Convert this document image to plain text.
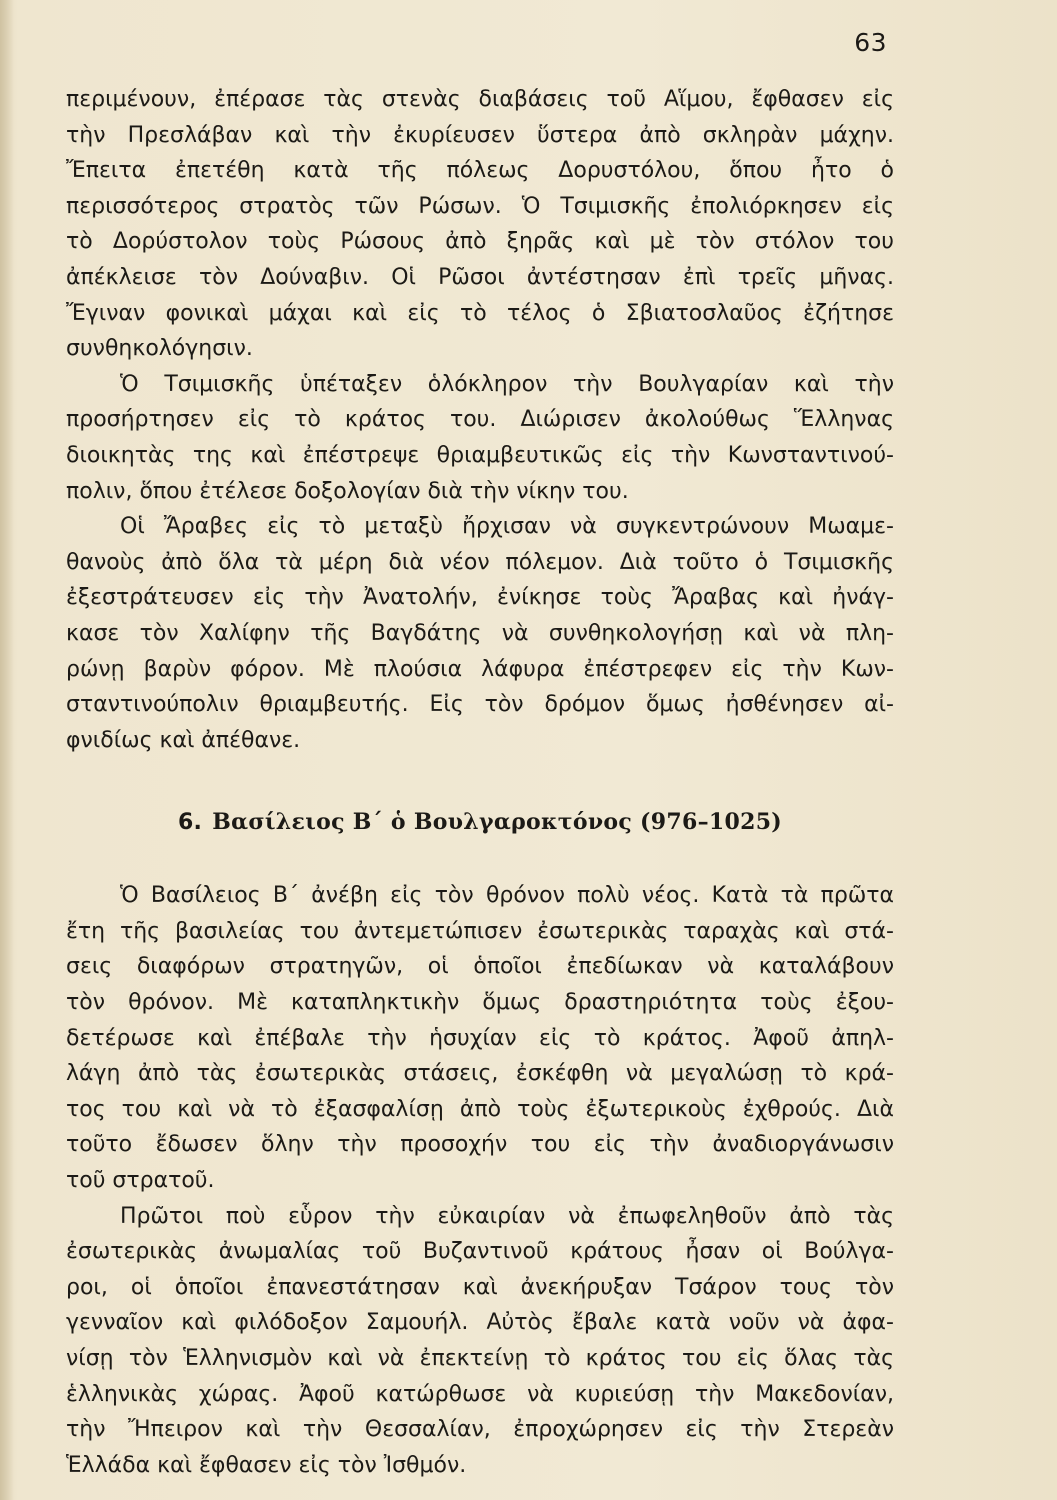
63
περιμένουν, ἐπέρασε τὰς στενὰς διαβάσεις τοῦ Αἵμου, ἔφθασεν εἰς
τὴν Πρεσλάβαν καὶ τὴν ἐκυρίευσεν ὕστερα ἀπὸ σκληρὰν μάχην.
Ἔπειτα ἐπετέθη κατὰ τῆς πόλεως Δορυστόλου, ὅπου ἦτο ὁ
περισσότερος στρατὸς τῶν Ρώσων. Ὁ Τσιμισκῆς ἐπολιόρκησεν εἰς
τὸ Δορύστολον τοὺς Ρώσους ἀπὸ ξηρᾶς καὶ μὲ τὸν στόλον του
ἀπέκλεισε τὸν Δούναβιν. Οἱ Ρῶσοι ἀντέστησαν ἐπὶ τρεῖς μῆνας.
Ἔγιναν φονικαὶ μάχαι καὶ εἰς τὸ τέλος ὁ Σβιατοσλαῦος ἐζήτησε
συνθηκολόγησιν.
Ὁ Τσιμισκῆς ὑπέταξεν ὁλόκληρον τὴν Βουλγαρίαν καὶ τὴν
προσήρτησεν εἰς τὸ κράτος του. Διώρισεν ἀκολούθως Ἕλληνας
διοικητὰς της καὶ ἐπέστρεψε θριαμβευτικῶς εἰς τὴν Κωνσταντινού-
πολιν, ὅπου ἐτέλεσε δοξολογίαν διὰ τὴν νίκην του.
Οἱ Ἄραβες εἰς τὸ μεταξὺ ἤρχισαν νὰ συγκεντρώνουν Μωαμε-
θανοὺς ἀπὸ ὅλα τὰ μέρη διὰ νέον πόλεμον. Διὰ τοῦτο ὁ Τσιμισκῆς
ἐξεστράτευσεν εἰς τὴν Ἀνατολήν, ἐνίκησε τοὺς Ἄραβας καὶ ἠνάγ-
κασε τὸν Χαλίφην τῆς Βαγδάτης νὰ συνθηκολογήσῃ καὶ νὰ πλη-
ρώνῃ βαρὺν φόρον. Μὲ πλούσια λάφυρα ἐπέστρεφεν εἰς τὴν Κων-
σταντινούπολιν θριαμβευτής. Εἰς τὸν δρόμον ὅμως ἠσθένησεν αἰ-
φνιδίως καὶ ἀπέθανε.
6. Βασίλειος Β΄ ὁ Βουλγαροκτόνος (976–1025)
Ὁ Βασίλειος Β΄ ἀνέβη εἰς τὸν θρόνον πολὺ νέος. Κατὰ τὰ πρῶτα
ἔτη τῆς βασιλείας του ἀντεμετώπισεν ἐσωτερικὰς ταραχὰς καὶ στά-
σεις διαφόρων στρατηγῶν, οἱ ὁποῖοι ἐπεδίωκαν νὰ καταλάβουν
τὸν θρόνον. Μὲ καταπληκτικὴν ὅμως δραστηριότητα τοὺς ἐξου-
δετέρωσε καὶ ἐπέβαλε τὴν ἡσυχίαν εἰς τὸ κράτος. Ἀφοῦ ἀπηλ-
λάγη ἀπὸ τὰς ἐσωτερικὰς στάσεις, ἐσκέφθη νὰ μεγαλώσῃ τὸ κρά-
τος του καὶ νὰ τὸ ἐξασφαλίσῃ ἀπὸ τοὺς ἐξωτερικοὺς ἐχθρούς. Διὰ
τοῦτο ἔδωσεν ὅλην τὴν προσοχήν του εἰς τὴν ἀναδιοργάνωσιν
τοῦ στρατοῦ.
Πρῶτοι ποὺ εὗρον τὴν εὐκαιρίαν νὰ ἐπωφεληθοῦν ἀπὸ τὰς
ἐσωτερικὰς ἀνωμαλίας τοῦ Βυζαντινοῦ κράτους ἦσαν οἱ Βούλγα-
ροι, οἱ ὁποῖοι ἐπανεστάτησαν καὶ ἀνεκήρυξαν Τσάρον τους τὸν
γενναῖον καὶ φιλόδοξον Σαμουήλ. Αὐτὸς ἔβαλε κατὰ νοῦν νὰ ἀφα-
νίσῃ τὸν Ἑλληνισμὸν καὶ νὰ ἐπεκτείνῃ τὸ κράτος του εἰς ὅλας τὰς
ἑλληνικὰς χώρας. Ἀφοῦ κατώρθωσε νὰ κυριεύσῃ τὴν Μακεδονίαν,
τὴν Ἤπειρον καὶ τὴν Θεσσαλίαν, ἐπροχώρησεν εἰς τὴν Στερεὰν
Ἑλλάδα καὶ ἔφθασεν εἰς τὸν Ἰσθμόν.
